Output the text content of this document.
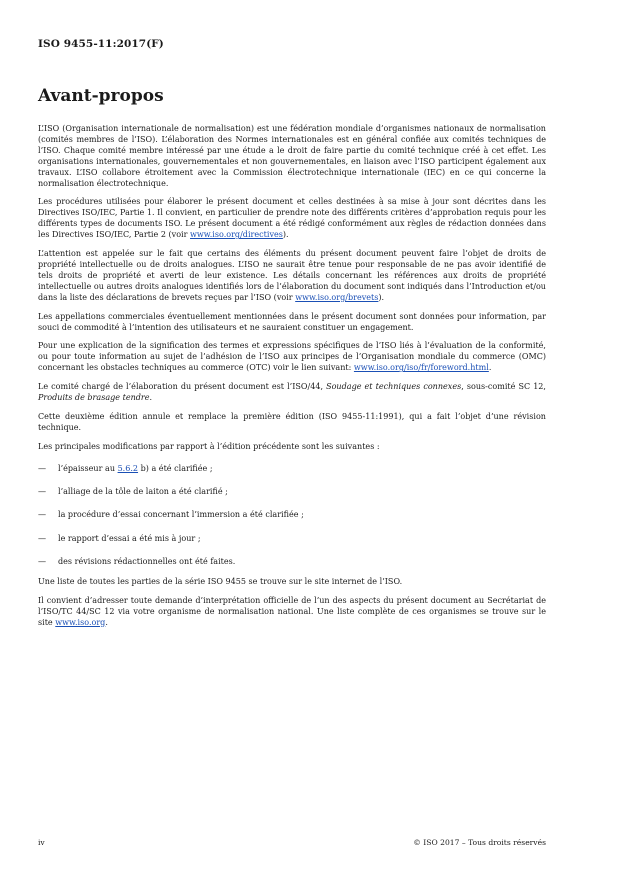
ISO 9455-11:2017(F)
Avant-propos

L’ISO (Organisation internationale de normalisation) est une fédération mondiale d’organismes nationaux de normalisation (comités membres de l’ISO). L’élaboration des Normes internationales est en général confiée aux comités techniques de l’ISO. Chaque comité membre intéressé par une étude a le droit de faire partie du comité technique créé à cet effet. Les organisations internationales, gouvernementales et non gouvernementales, en liaison avec l’ISO participent également aux travaux. L’ISO collabore étroitement avec la Commission électrotechnique internationale (IEC) en ce qui concerne la normalisation électrotechnique.

Les procédures utilisées pour élaborer le présent document et celles destinées à sa mise à jour sont décrites dans les Directives ISO/IEC, Partie 1. Il convient, en particulier de prendre note des différents critères d’approbation requis pour les différents types de documents ISO. Le présent document a été rédigé conformément aux règles de rédaction données dans les Directives ISO/IEC, Partie 2 (voir www.iso.org/directives).

L’attention est appelée sur le fait que certains des éléments du présent document peuvent faire l’objet de droits de propriété intellectuelle ou de droits analogues. L’ISO ne saurait être tenue pour responsable de ne pas avoir identifié de tels droits de propriété et averti de leur existence. Les détails concernant les références aux droits de propriété intellectuelle ou autres droits analogues identifiés lors de l’élaboration du document sont indiqués dans l’Introduction et/ou dans la liste des déclarations de brevets reçues par l’ISO (voir www.iso.org/brevets).

Les appellations commerciales éventuellement mentionnées dans le présent document sont données pour information, par souci de commodité à l’intention des utilisateurs et ne sauraient constituer un engagement.

Pour une explication de la signification des termes et expressions spécifiques de l’ISO liés à l’évaluation de la conformité, ou pour toute information au sujet de l’adhésion de l’ISO aux principes de l’Organisation mondiale du commerce (OMC) concernant les obstacles techniques au commerce (OTC) voir le lien suivant: www.iso.org/iso/fr/foreword.html.

Le comité chargé de l’élaboration du présent document est l’ISO/44, Soudage et techniques connexes, sous-comité SC 12, Produits de brasage tendre.

Cette deuxième édition annule et remplace la première édition (ISO 9455-11:1991), qui a fait l’objet d’une révision technique.

Les principales modifications par rapport à l’édition précédente sont les suivantes :

—	l’épaisseur au 5.6.2 b) a été clarifiée ;
—	l’alliage de la tôle de laiton a été clarifié ;
—	la procédure d’essai concernant l’immersion a été clarifiée ;
—	le rapport d’essai a été mis à jour ;
—	des révisions rédactionnelles ont été faites.

Une liste de toutes les parties de la série ISO 9455 se trouve sur le site internet de l’ISO.

Il convient d’adresser toute demande d’interprétation officielle de l’un des aspects du présent document au Secrétariat de l’ISO/TC 44/SC 12 via votre organisme de normalisation national. Une liste complète de ces organismes se trouve sur le site www.iso.org.

iv	© ISO 2017 – Tous droits réservés
